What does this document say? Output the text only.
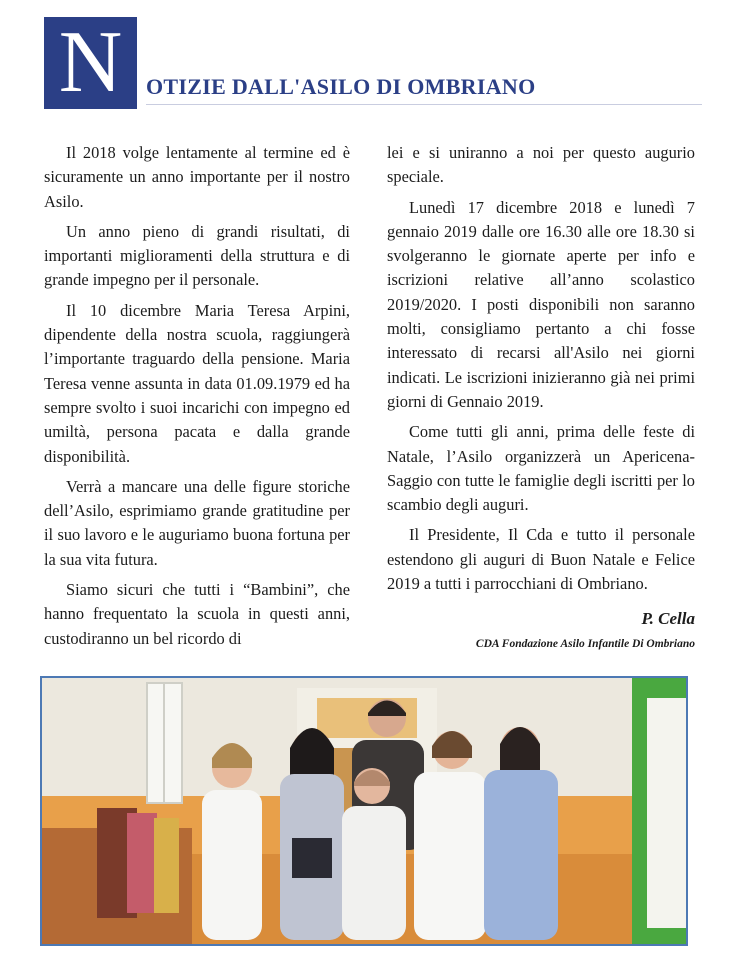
N	OTIZIE DALL'ASILO DI OMBRIANO

Il 2018 volge lentamente al termine ed è sicuramente un anno importante per il nostro Asilo.

Un anno pieno di grandi risultati, di importanti miglioramenti della struttura e di grande impegno per il personale.

Il 10 dicembre Maria Teresa Arpini, dipendente della nostra scuola, raggiungerà l’importante traguardo della pensione. Maria Teresa venne assunta in data 01.09.1979 ed ha sempre svolto i suoi incarichi con impegno ed umiltà, persona pacata e dalla grande disponibilità.

Verrà a mancare una delle figure storiche dell’Asilo, esprimiamo grande gratitudine per il suo lavoro e le auguriamo buona fortuna per la sua vita futura.

Siamo sicuri che tutti i “Bambini”, che hanno frequentato la scuola in questi anni, custodiranno un bel ricordo di

lei e si uniranno a noi per questo augurio speciale.

Lunedì 17 dicembre 2018 e lunedì 7 gennaio 2019 dalle ore 16.30 alle ore 18.30 si svolgeranno le giornate aperte per info e iscrizioni relative all’anno scolastico 2019/2020. I posti disponibili non saranno molti, consigliamo pertanto a chi fosse interessato di recarsi all'Asilo nei giorni indicati. Le iscrizioni inizieranno già nei primi giorni di Gennaio 2019.

Come tutti gli anni, prima delle feste di Natale, l’Asilo organizzerà un Apericena-Saggio con tutte le famiglie degli iscritti per lo scambio degli auguri.

Il Presidente, Il Cda e tutto il personale estendono gli auguri di Buon Natale e Felice 2019 a tutti i parrocchiani di Ombriano.

P. Cella
CDA Fondazione Asilo Infantile Di Ombriano
